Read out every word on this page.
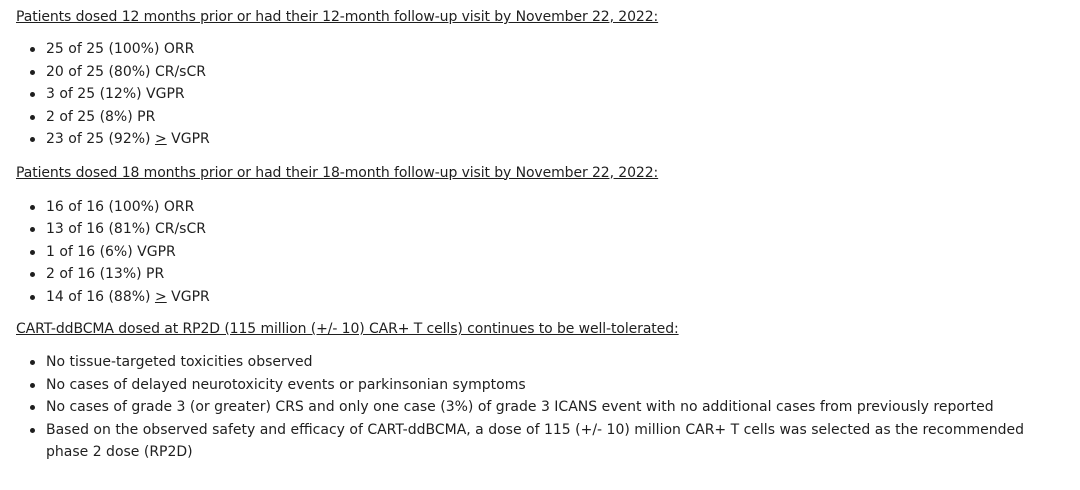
Patients dosed 12 months prior or had their 12-month follow-up visit by November 22, 2022:

25 of 25 (100%) ORR
20 of 25 (80%) CR/sCR
3 of 25 (12%) VGPR
2 of 25 (8%) PR
23 of 25 (92%) > VGPR

Patients dosed 18 months prior or had their 18-month follow-up visit by November 22, 2022:

16 of 16 (100%) ORR
13 of 16 (81%) CR/sCR
1 of 16 (6%) VGPR
2 of 16 (13%) PR
14 of 16 (88%) > VGPR

CART-ddBCMA dosed at RP2D (115 million (+/- 10) CAR+ T cells) continues to be well-tolerated:

No tissue-targeted toxicities observed
No cases of delayed neurotoxicity events or parkinsonian symptoms
No cases of grade 3 (or greater) CRS and only one case (3%) of grade 3 ICANS event with no additional cases from previously reported
Based on the observed safety and efficacy of CART-ddBCMA, a dose of 115 (+/- 10) million CAR+ T cells was selected as the recommended phase 2 dose (RP2D)
